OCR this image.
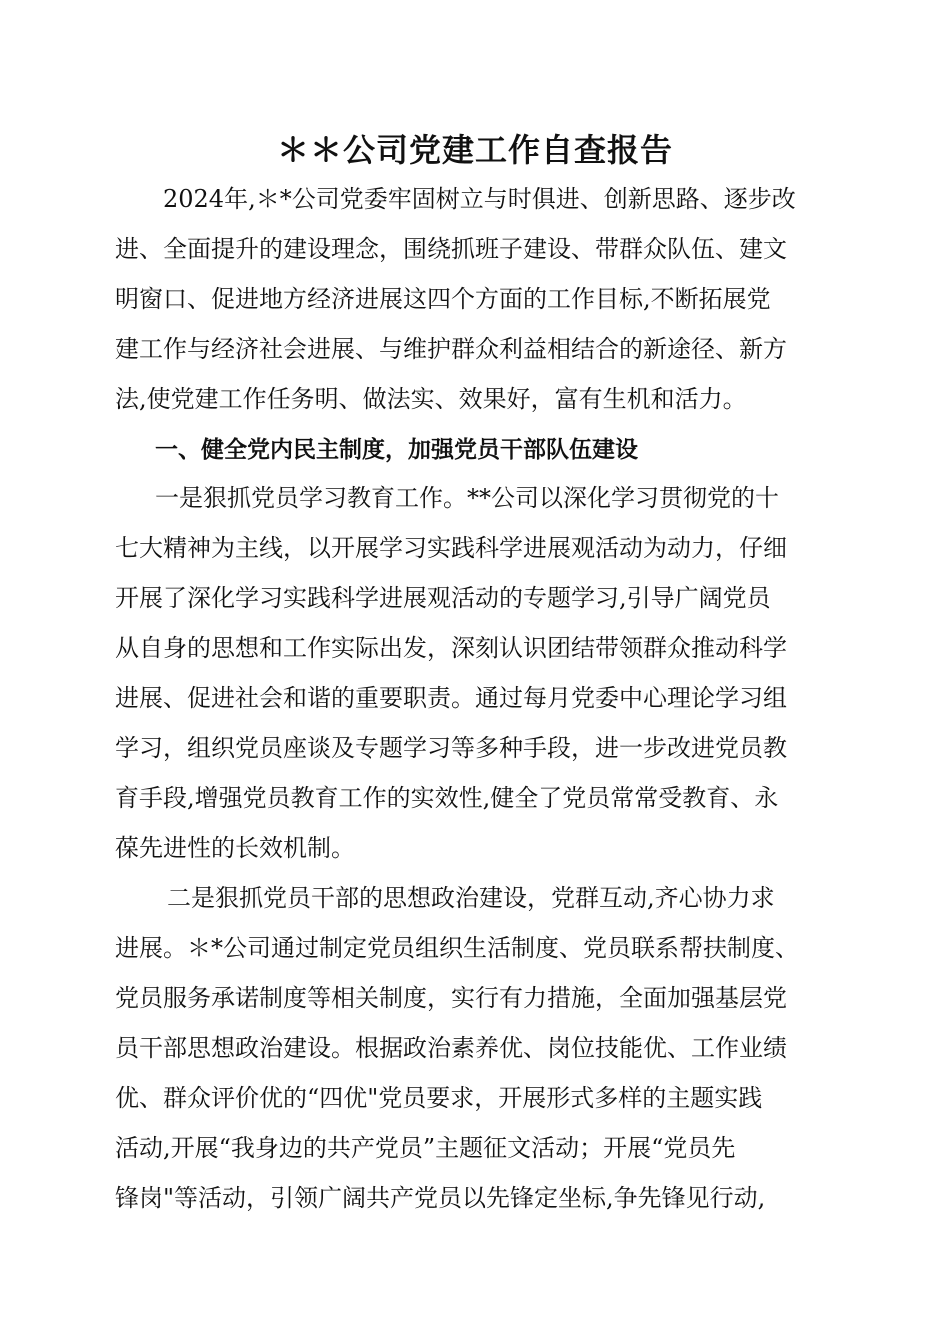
＊＊公司党建工作自查报告

2024年,＊*公司党委牢固树立与时俱进、创新思路、逐步改

进、全面提升的建设理念，围绕抓班子建设、带群众队伍、建文

明窗口、促进地方经济进展这四个方面的工作目标,不断拓展党

建工作与经济社会进展、与维护群众利益相结合的新途径、新方

法,使党建工作任务明、做法实、效果好，富有生机和活力。

一、健全党内民主制度，加强党员干部队伍建设

一是狠抓党员学习教育工作。**公司以深化学习贯彻党的十

七大精神为主线，以开展学习实践科学进展观活动为动力，仔细

开展了深化学习实践科学进展观活动的专题学习,引导广阔党员

从自身的思想和工作实际出发，深刻认识团结带领群众推动科学

进展、促进社会和谐的重要职责。通过每月党委中心理论学习组

学习，组织党员座谈及专题学习等多种手段，进一步改进党员教

育手段,增强党员教育工作的实效性,健全了党员常常受教育、永

葆先进性的长效机制。

二是狠抓党员干部的思想政治建设，党群互动,齐心协力求

进展。＊*公司通过制定党员组织生活制度、党员联系帮扶制度、

党员服务承诺制度等相关制度，实行有力措施，全面加强基层党

员干部思想政治建设。根据政治素养优、岗位技能优、工作业绩

优、群众评价优的“四优"党员要求，开展形式多样的主题实践

活动,开展“我身边的共产党员”主题征文活动；开展“党员先

锋岗"等活动，引领广阔共产党员以先锋定坐标,争先锋见行动,
